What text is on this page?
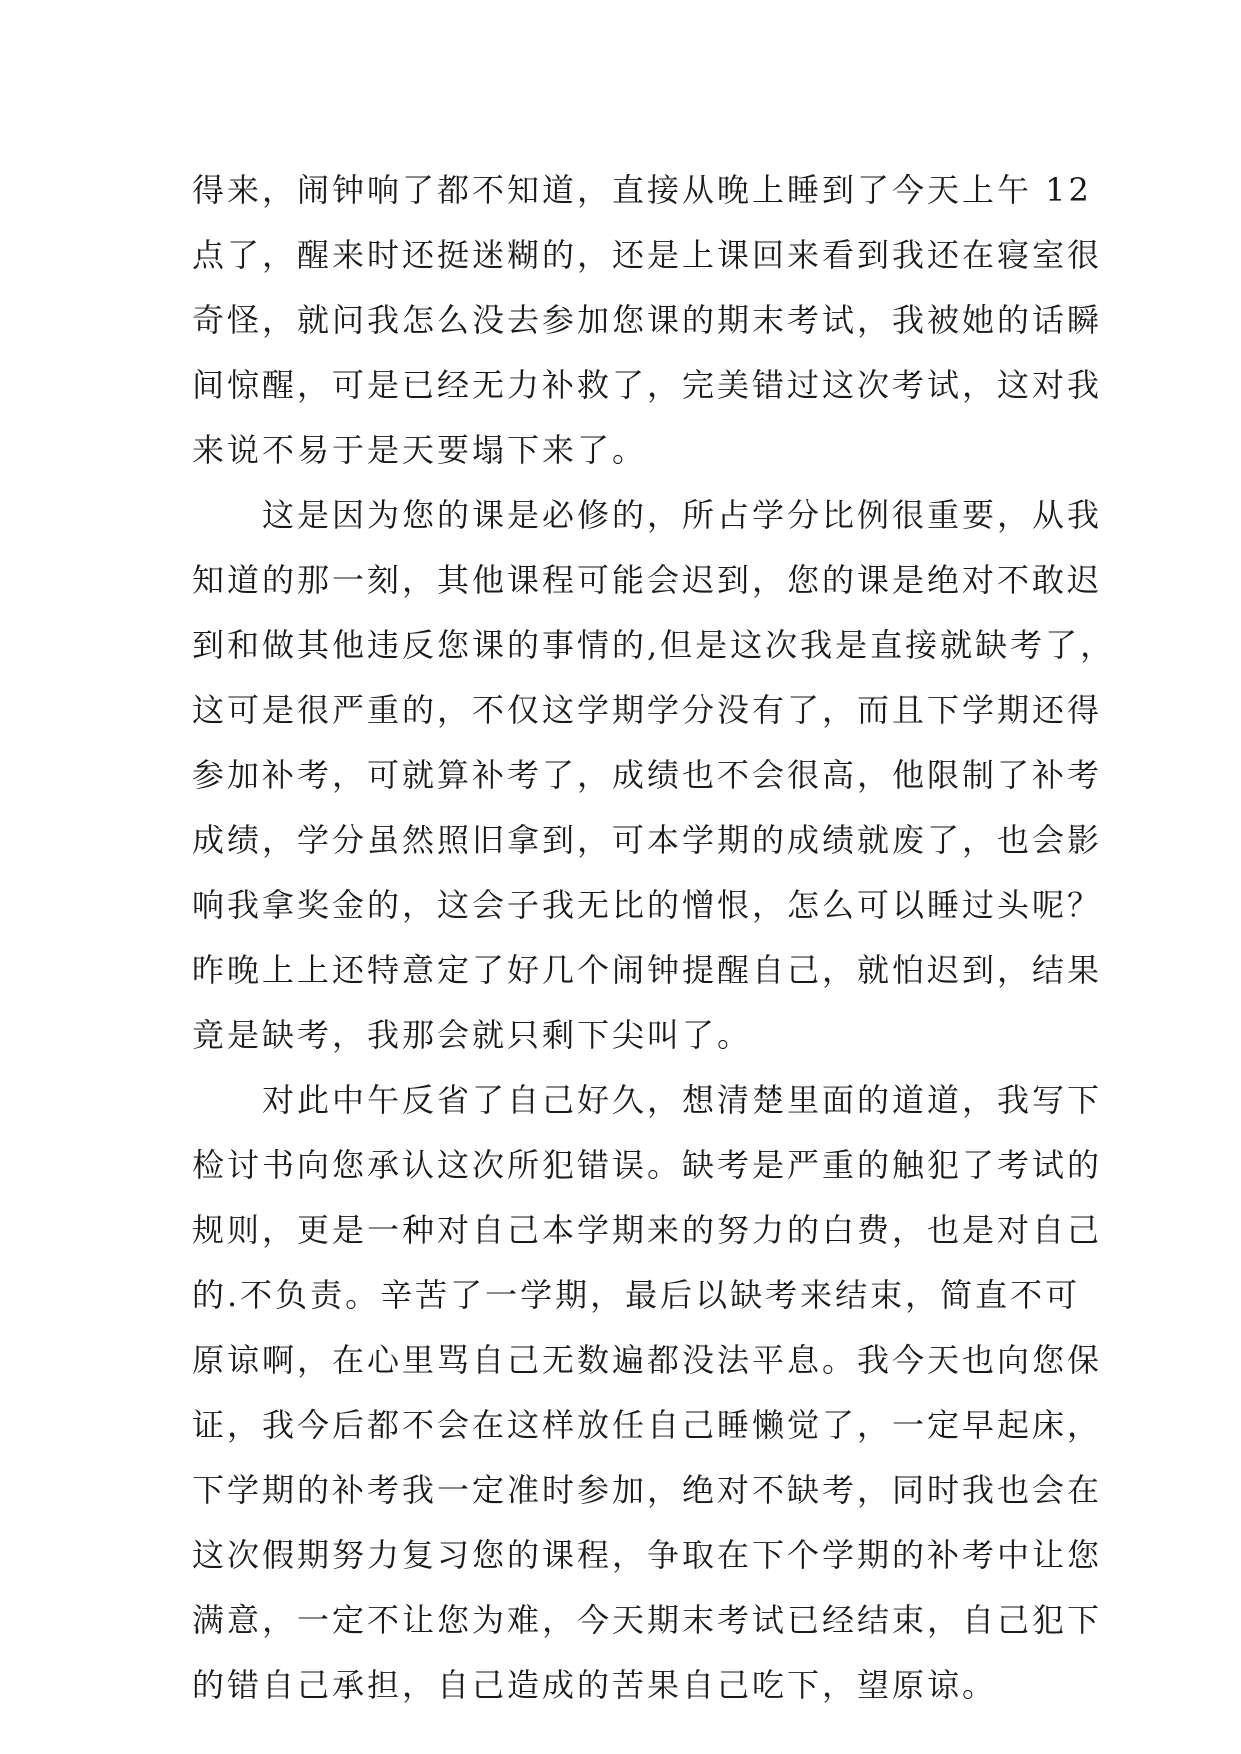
得来，闹钟响了都不知道，直接从晚上睡到了今天上午 12
点了，醒来时还挺迷糊的，还是上课回来看到我还在寝室很
奇怪，就问我怎么没去参加您课的期末考试，我被她的话瞬
间惊醒，可是已经无力补救了，完美错过这次考试，这对我
来说不易于是天要塌下来了。
　　这是因为您的课是必修的，所占学分比例很重要，从我
知道的那一刻，其他课程可能会迟到，您的课是绝对不敢迟
到和做其他违反您课的事情的,但是这次我是直接就缺考了，
这可是很严重的，不仅这学期学分没有了，而且下学期还得
参加补考，可就算补考了，成绩也不会很高，他限制了补考
成绩，学分虽然照旧拿到，可本学期的成绩就废了，也会影
响我拿奖金的，这会子我无比的憎恨，怎么可以睡过头呢？
昨晚上上还特意定了好几个闹钟提醒自己，就怕迟到，结果
竟是缺考，我那会就只剩下尖叫了。
　　对此中午反省了自己好久，想清楚里面的道道，我写下
检讨书向您承认这次所犯错误。缺考是严重的触犯了考试的
规则，更是一种对自己本学期来的努力的白费，也是对自己
的.不负责。辛苦了一学期，最后以缺考来结束，简直不可
原谅啊，在心里骂自己无数遍都没法平息。我今天也向您保
证，我今后都不会在这样放任自己睡懒觉了，一定早起床，
下学期的补考我一定准时参加，绝对不缺考，同时我也会在
这次假期努力复习您的课程，争取在下个学期的补考中让您
满意，一定不让您为难，今天期末考试已经结束，自己犯下
的错自己承担，自己造成的苦果自己吃下，望原谅。
